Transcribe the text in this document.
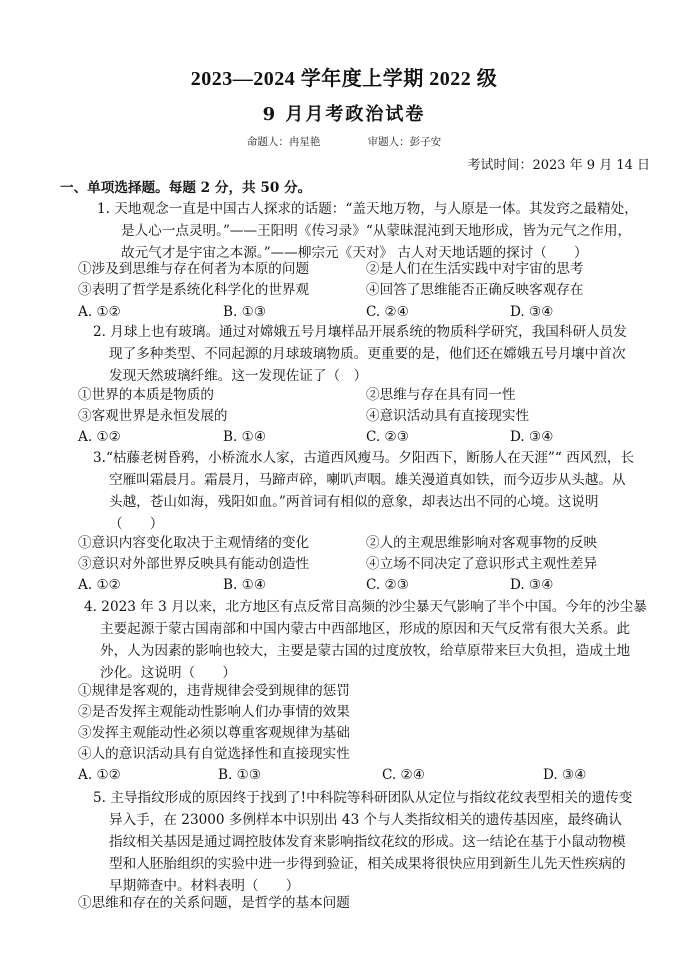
2023—2024 学年度上学期 2022 级
9 月月考政治试卷
命题人：冉星艳	审题人：彭子安
考试时间：2023 年 9 月 14 日
一、单项选择题。每题 2 分，共 50 分。
1. 天地观念一直是中国古人探求的话题：“盖天地万物，与人原是一体。其发窍之最精处，
是人心一点灵明。”——王阳明《传习录》“从蒙昧混沌到天地形成，皆为元气之作用，
故元气才是宇宙之本源。”——柳宗元《天对》 古人对天地话题的探讨（　　）
①涉及到思维与存在何者为本原的问题	②是人们在生活实践中对宇宙的思考
③表明了哲学是系统化科学化的世界观	④回答了思维能否正确反映客观存在
A. ①②	B. ①③	C. ②④	D. ③④
2. 月球上也有玻璃。通过对嫦娥五号月壤样品开展系统的物质科学研究，我国科研人员发
现了多种类型、不同起源的月球玻璃物质。更重要的是，他们还在嫦娥五号月壤中首次
发现天然玻璃纤维。这一发现佐证了（　）
①世界的本质是物质的	②思维与存在具有同一性
③客观世界是永恒发展的	④意识活动具有直接现实性
A. ①②	B. ①④	C. ②③	D. ③④
3.“枯藤老树昏鸦，小桥流水人家，古道西风瘦马。夕阳西下，断肠人在天涯”“ 西风烈，长
空雁叫霜晨月。霜晨月，马蹄声碎，喇叭声咽。雄关漫道真如铁，而今迈步从头越。从
头越，苍山如海，残阳如血。”两首词有相似的意象，却表达出不同的心境。这说明
（　　）
①意识内容变化取决于主观情绪的变化	②人的主观思维影响对客观事物的反映
③意识对外部世界反映具有能动创造性	④立场不同决定了意识形式主观性差异
A. ①②	B. ①④	C. ②③	D. ③④
4. 2023 年 3 月以来，北方地区有点反常目高频的沙尘暴天气影响了半个中国。今年的沙尘暴
主要起源于蒙古国南部和中国内蒙古中西部地区，形成的原因和天气反常有很大关系。此
外，人为因素的影响也较大，主要是蒙古国的过度放牧，给草原带来巨大负担，造成土地
沙化。这说明（　　）
①规律是客观的，违背规律会受到规律的惩罚
②是否发挥主观能动性影响人们办事情的效果
③发挥主观能动性必须以尊重客观规律为基础
④人的意识活动具有自觉选择性和直接现实性
A. ①②	B. ①③	C. ②④	D. ③④
5. 主导指纹形成的原因终于找到了!中科院等科研团队从定位与指纹花纹表型相关的遗传变
异入手，在 23000 多例样本中识别出 43 个与人类指纹相关的遗传基因座，最终确认
指纹相关基因是通过调控肢体发育来影响指纹花纹的形成。这一结论在基于小鼠动物模
型和人胚胎组织的实验中进一步得到验证，相关成果将很快应用到新生儿先天性疾病的
早期筛查中。材料表明（　　）
①思维和存在的关系问题，是哲学的基本问题
